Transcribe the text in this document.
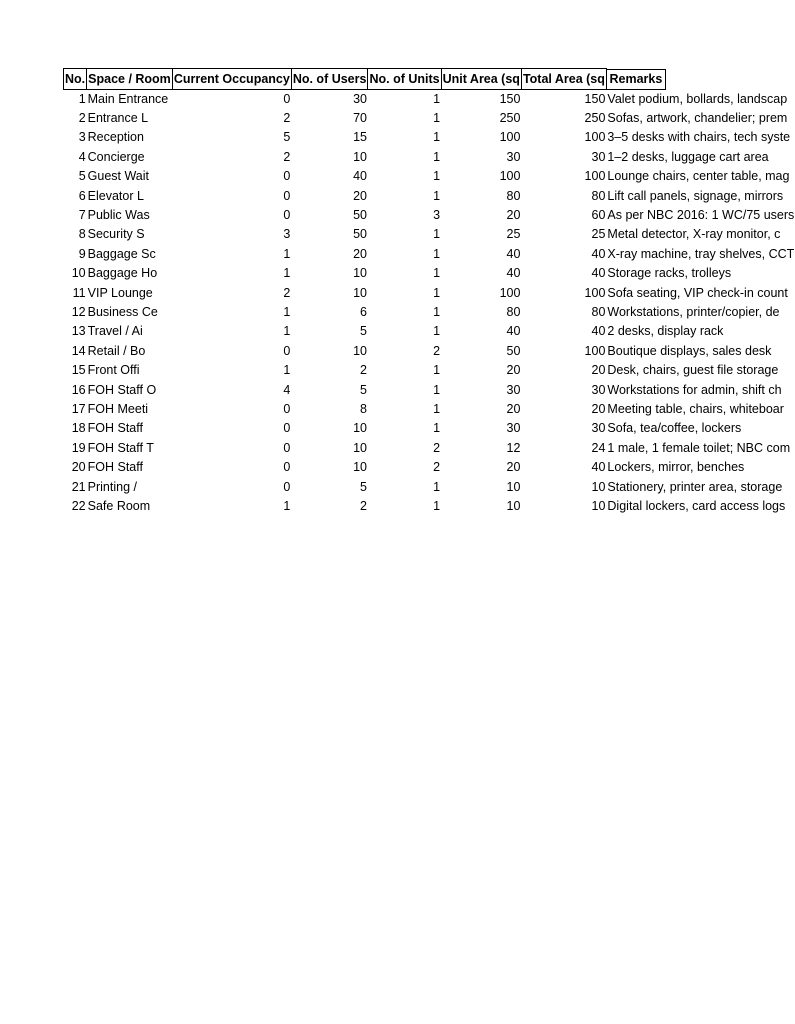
No.	Space / Room	Current Occupancy	No. of Users	No. of Units	Unit Area (sq	Total Area (sq	Remarks
1	Main Entrance	0	30	1	150	150	Valet podium, bollards, landscap
2	Entrance L	2	70	1	250	250	Sofas, artwork, chandelier; prem
3	Reception	5	15	1	100	100	3–5 desks with chairs, tech syste
4	Concierge	2	10	1	30	30	1–2 desks, luggage cart area
5	Guest Wait	0	40	1	100	100	Lounge chairs, center table, mag
6	Elevator L	0	20	1	80	80	Lift call panels, signage, mirrors
7	Public Was	0	50	3	20	60	As per NBC 2016: 1 WC/75 users
8	Security S	3	50	1	25	25	Metal detector, X-ray monitor, c
9	Baggage Sc	1	20	1	40	40	X-ray machine, tray shelves, CCT
10	Baggage Ho	1	10	1	40	40	Storage racks, trolleys
11	VIP Lounge	2	10	1	100	100	Sofa seating, VIP check-in count
12	Business Ce	1	6	1	80	80	Workstations, printer/copier, de
13	Travel / Ai	1	5	1	40	40	2 desks, display rack
14	Retail / Bo	0	10	2	50	100	Boutique displays, sales desk
15	Front Offi	1	2	1	20	20	Desk, chairs, guest file storage
16	FOH Staff O	4	5	1	30	30	Workstations for admin, shift ch
17	FOH Meeti	0	8	1	20	20	Meeting table, chairs, whiteboar
18	FOH Staff	0	10	1	30	30	Sofa, tea/coffee, lockers
19	FOH Staff T	0	10	2	12	24	1 male, 1 female toilet; NBC com
20	FOH Staff	0	10	2	20	40	Lockers, mirror, benches
21	Printing /	0	5	1	10	10	Stationery, printer area, storage
22	Safe Room	1	2	1	10	10	Digital lockers, card access logs
